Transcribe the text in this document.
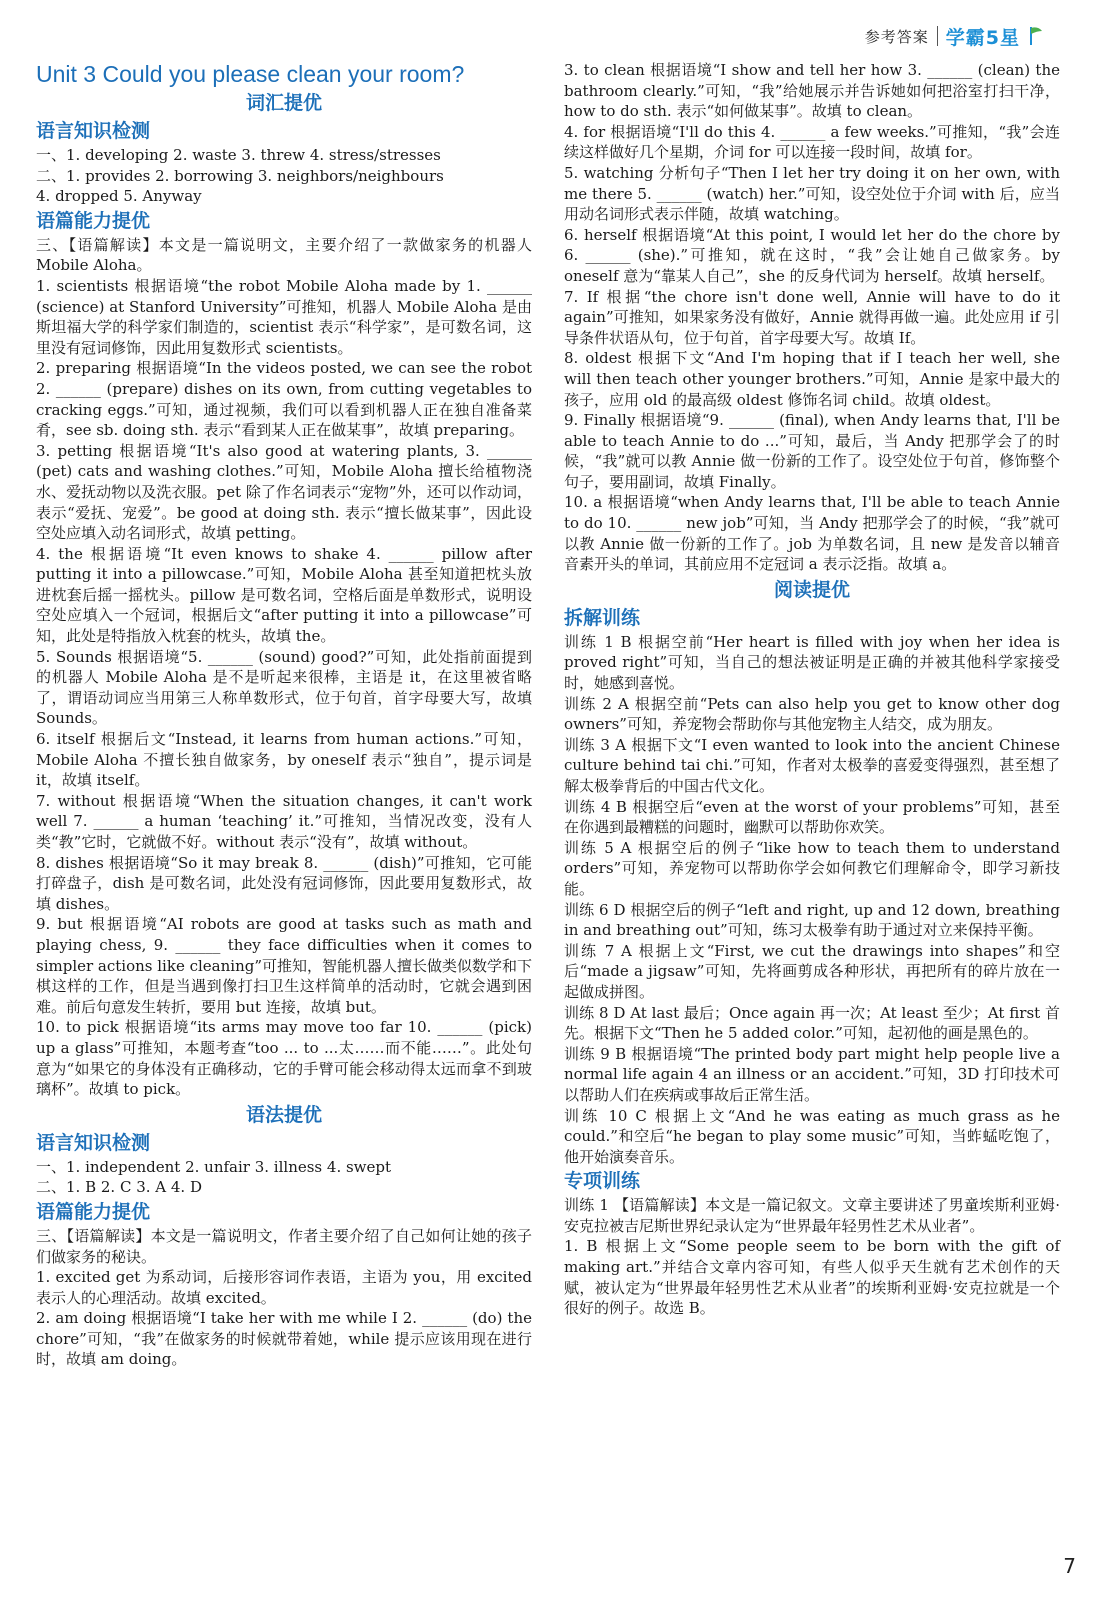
参考答案 学霸5星
Unit 3 Could you please clean your room?
词汇提优
语言知识检测

一、1. developing 2. waste 3. threw 4. stress/stresses

二、1. provides 2. borrowing 3. neighbors/neighbours

4. dropped 5. Anyway

语篇能力提优

三、【语篇解读】本文是一篇说明文，主要介绍了一款做家务的机器人 Mobile Aloha。

1. scientists 根据语境“the robot Mobile Aloha made by 1. ______ (science) at Stanford University”可推知，机器人 Mobile Aloha 是由斯坦福大学的科学家们制造的，scientist 表示“科学家”，是可数名词，这里没有冠词修饰，因此用复数形式 scientists。

2. preparing 根据语境“In the videos posted, we can see the robot 2. ______ (prepare) dishes on its own, from cutting vegetables to cracking eggs.”可知，通过视频，我们可以看到机器人正在独自准备菜肴，see sb. doing sth. 表示“看到某人正在做某事”，故填 preparing。

3. petting 根据语境“It's also good at watering plants, 3. ______ (pet) cats and washing clothes.”可知，Mobile Aloha 擅长给植物浇水、爱抚动物以及洗衣服。pet 除了作名词表示“宠物”外，还可以作动词，表示“爱抚、宠爱”。be good at doing sth. 表示“擅长做某事”，因此设空处应填入动名词形式，故填 petting。

4. the 根据语境“It even knows to shake 4. ______ pillow after putting it into a pillowcase.”可知，Mobile Aloha 甚至知道把枕头放进枕套后摇一摇枕头。pillow 是可数名词，空格后面是单数形式，说明设空处应填入一个冠词，根据后文“after putting it into a pillowcase”可知，此处是特指放入枕套的枕头，故填 the。

5. Sounds 根据语境“5. ______ (sound) good?”可知，此处指前面提到的机器人 Mobile Aloha 是不是听起来很棒，主语是 it，在这里被省略了，谓语动词应当用第三人称单数形式，位于句首，首字母要大写，故填 Sounds。

6. itself 根据后文“Instead, it learns from human actions.”可知，Mobile Aloha 不擅长独自做家务，by oneself 表示“独自”，提示词是 it，故填 itself。

7. without 根据语境“When the situation changes, it can't work well 7. ______ a human ‘teaching’ it.”可推知，当情况改变，没有人类“教”它时，它就做不好。without 表示“没有”，故填 without。

8. dishes 根据语境“So it may break 8. ______ (dish)”可推知，它可能打碎盘子，dish 是可数名词，此处没有冠词修饰，因此要用复数形式，故填 dishes。

9. but 根据语境“AI robots are good at tasks such as math and playing chess, 9. ______ they face difficulties when it comes to simpler actions like cleaning”可推知，智能机器人擅长做类似数学和下棋这样的工作，但是当遇到像打扫卫生这样简单的活动时，它就会遇到困难。前后句意发生转折，要用 but 连接，故填 but。

10. to pick 根据语境“its arms may move too far 10. ______ (pick) up a glass”可推知，本题考查“too ... to ...太……而不能……”。此处句意为“如果它的身体没有正确移动，它的手臂可能会移动得太远而拿不到玻璃杯”。故填 to pick。

语法提优
语言知识检测

一、1. independent 2. unfair 3. illness 4. swept

二、1. B 2. C 3. A 4. D

语篇能力提优

三、【语篇解读】本文是一篇说明文，作者主要介绍了自己如何让她的孩子们做家务的秘诀。

1. excited get 为系动词，后接形容词作表语，主语为 you，用 excited 表示人的心理活动。故填 excited。

2. am doing 根据语境“I take her with me while I 2. ______ (do) the chore”可知，“我”在做家务的时候就带着她，while 提示应该用现在进行时，故填 am doing。

3. to clean 根据语境“I show and tell her how 3. ______ (clean) the bathroom clearly.”可知，“我”给她展示并告诉她如何把浴室打扫干净，how to do sth. 表示“如何做某事”。故填 to clean。

4. for 根据语境“I'll do this 4. ______ a few weeks.”可推知，“我”会连续这样做好几个星期，介词 for 可以连接一段时间，故填 for。

5. watching 分析句子“Then I let her try doing it on her own, with me there 5. ______ (watch) her.”可知，设空处位于介词 with 后，应当用动名词形式表示伴随，故填 watching。

6. herself 根据语境“At this point, I would let her do the chore by 6. ______ (she).”可推知，就在这时，“我”会让她自己做家务。by oneself 意为“靠某人自己”，she 的反身代词为 herself。故填 herself。

7. If 根据“the chore isn't done well, Annie will have to do it again”可推知，如果家务没有做好，Annie 就得再做一遍。此处应用 if 引导条件状语从句，位于句首，首字母要大写。故填 If。

8. oldest 根据下文“And I'm hoping that if I teach her well, she will then teach other younger brothers.”可知，Annie 是家中最大的孩子，应用 old 的最高级 oldest 修饰名词 child。故填 oldest。

9. Finally 根据语境“9. ______ (final), when Andy learns that, I'll be able to teach Annie to do ...”可知，最后，当 Andy 把那学会了的时候，“我”就可以教 Annie 做一份新的工作了。设空处位于句首，修饰整个句子，要用副词，故填 Finally。

10. a 根据语境“when Andy learns that, I'll be able to teach Annie to do 10. ______ new job”可知，当 Andy 把那学会了的时候，“我”就可以教 Annie 做一份新的工作了。job 为单数名词，且 new 是发音以辅音音素开头的单词，其前应用不定冠词 a 表示泛指。故填 a。

阅读提优
拆解训练

训练 1 B 根据空前“Her heart is filled with joy when her idea is proved right”可知，当自己的想法被证明是正确的并被其他科学家接受时，她感到喜悦。

训练 2 A 根据空前“Pets can also help you get to know other dog owners”可知，养宠物会帮助你与其他宠物主人结交，成为朋友。

训练 3 A 根据下文“I even wanted to look into the ancient Chinese culture behind tai chi.”可知，作者对太极拳的喜爱变得强烈，甚至想了解太极拳背后的中国古代文化。

训练 4 B 根据空后“even at the worst of your problems”可知，甚至在你遇到最糟糕的问题时，幽默可以帮助你欢笑。

训练 5 A 根据空后的例子“like how to teach them to understand orders”可知，养宠物可以帮助你学会如何教它们理解命令，即学习新技能。

训练 6 D 根据空后的例子“left and right, up and 12 down, breathing in and breathing out”可知，练习太极拳有助于通过对立来保持平衡。

训练 7 A 根据上文“First, we cut the drawings into shapes”和空后“made a jigsaw”可知，先将画剪成各种形状，再把所有的碎片放在一起做成拼图。

训练 8 D At last 最后；Once again 再一次；At least 至少；At first 首先。根据下文“Then he 5 added color.”可知，起初他的画是黑色的。

训练 9 B 根据语境“The printed body part might help people live a normal life again 4 an illness or an accident.”可知，3D 打印技术可以帮助人们在疾病或事故后正常生活。

训练 10 C 根据上文“And he was eating as much grass as he could.”和空后“he began to play some music”可知，当蚱蜢吃饱了，他开始演奏音乐。

专项训练

训练 1 【语篇解读】本文是一篇记叙文。文章主要讲述了男童埃斯利亚姆·安克拉被吉尼斯世界纪录认定为“世界最年轻男性艺术从业者”。

1. B 根据上文“Some people seem to be born with the gift of making art.”并结合文章内容可知，有些人似乎天生就有艺术创作的天赋，被认定为“世界最年轻男性艺术从业者”的埃斯利亚姆·安克拉就是一个很好的例子。故选 B。

7
